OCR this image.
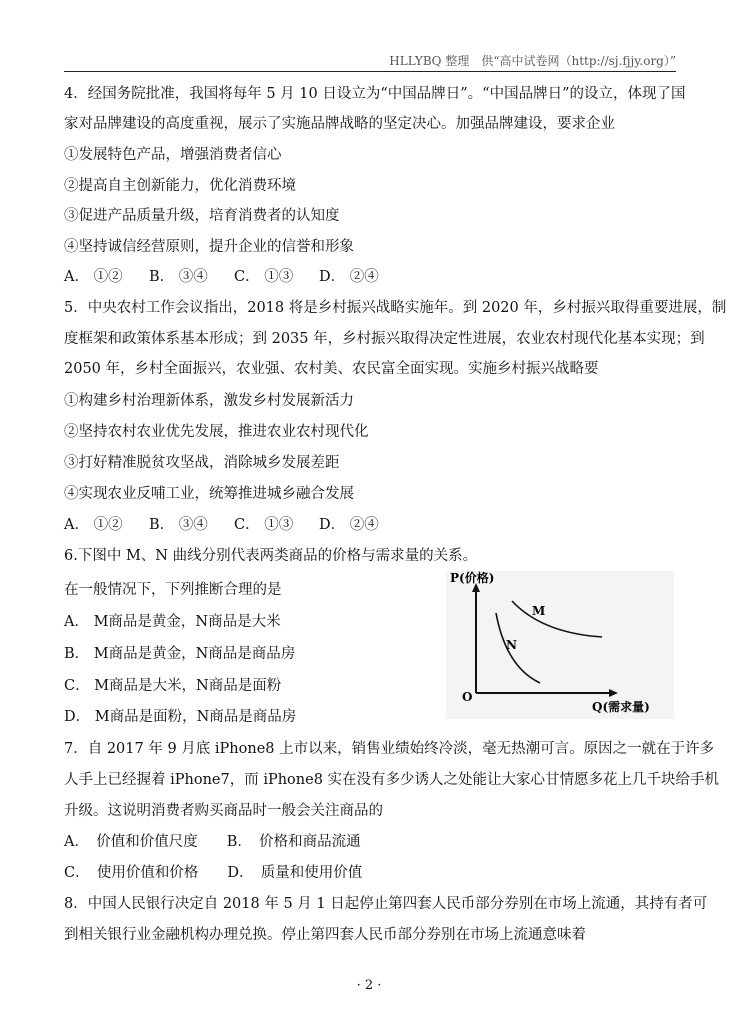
HLLYBQ 整理　供“高中试卷网（http://sj.fjjy.org）”
4．经国务院批准，我国将每年 5 月 10 日设立为“中国品牌日”。“中国品牌日”的设立，体现了国
家对品牌建设的高度重视，展示了实施品牌战略的坚定决心。加强品牌建设，要求企业
①发展特色产品，增强消费者信心
②提高自主创新能力，优化消费环境
③促进产品质量升级，培育消费者的认知度
④坚持诚信经营原则，提升企业的信誉和形象
A． ①② B． ③④ C． ①③ D． ②④
5．中央农村工作会议指出，2018 将是乡村振兴战略实施年。到 2020 年，乡村振兴取得重要进展，制
度框架和政策体系基本形成；到 2035 年，乡村振兴取得决定性进展，农业农村现代化基本实现；到
2050 年，乡村全面振兴，农业强、农村美、农民富全面实现。实施乡村振兴战略要
①构建乡村治理新体系，激发乡村发展新活力
②坚持农村农业优先发展，推进农业农村现代化
③打好精准脱贫攻坚战，消除城乡发展差距
④实现农业反哺工业，统筹推进城乡融合发展
A． ①② B． ③④ C． ①③ D． ②④
6.下图中 M、N 曲线分别代表两类商品的价格与需求量的关系。
在一般情况下，下列推断合理的是
A． M商品是黄金，N商品是大米
B． M商品是黄金，N商品是商品房
C． M商品是大米，N商品是面粉
D． M商品是面粉，N商品是商品房
P(价格)
Q(需求量)
O
M
N
7．自 2017 年 9 月底 iPhone8 上市以来，销售业绩始终冷淡，毫无热潮可言。原因之一就在于许多
人手上已经握着 iPhone7，而 iPhone8 实在没有多少诱人之处能让大家心甘情愿多花上几千块给手机
升级。这说明消费者购买商品时一般会关注商品的
A．　价值和价值尺度　　B．　价格和商品流通
C．　使用价值和价格　　D．　质量和使用价值
8．中国人民银行决定自 2018 年 5 月 1 日起停止第四套人民币部分券别在市场上流通，其持有者可
到相关银行业金融机构办理兑换。停止第四套人民币部分券别在市场上流通意味着
· 2 ·
